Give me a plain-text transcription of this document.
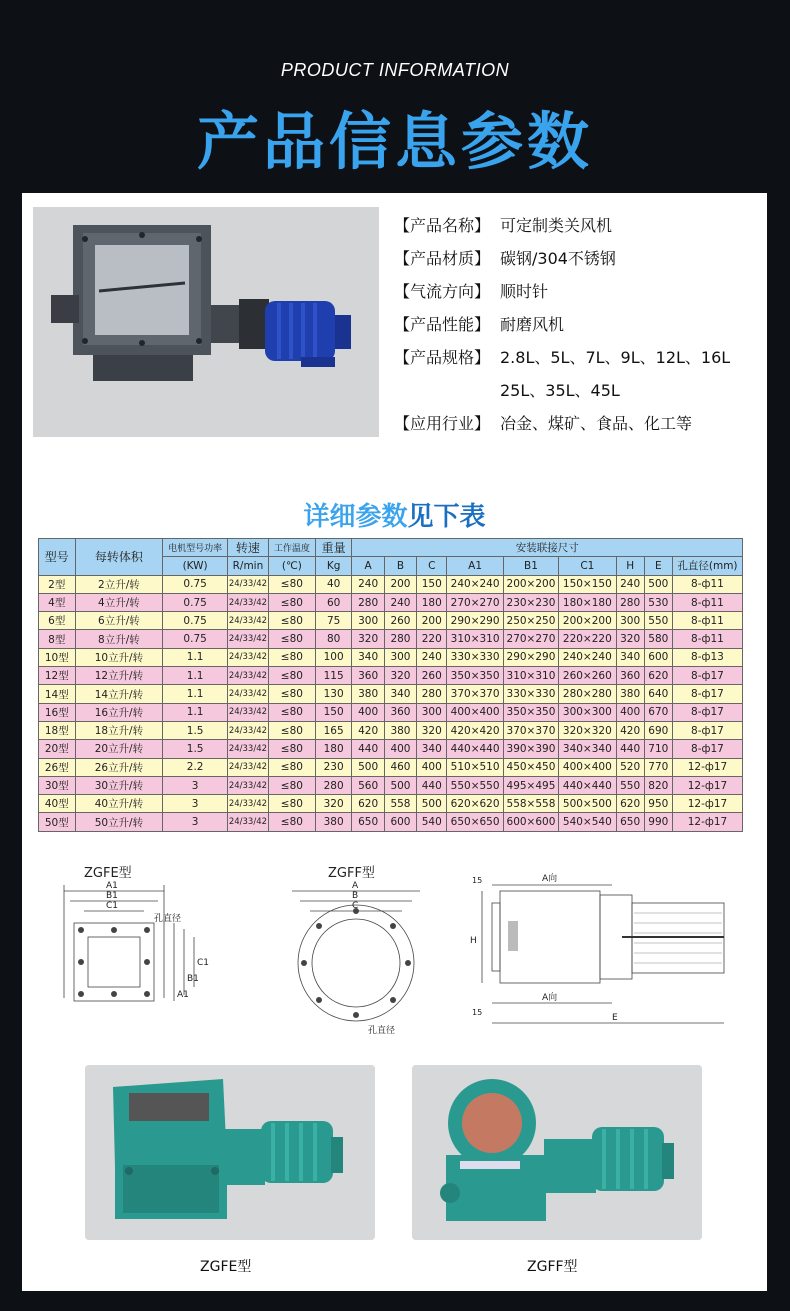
PRODUCT INFORMATION
产品信息参数
【产品名称】 可定制类关风机
【产品材质】 碳钢/304不锈钢
【气流方向】 顺时针
【产品性能】 耐磨风机
【产品规格】 2.8L、5L、7L、9L、12L、16L
25L、35L、45L
【应用行业】 冶金、煤矿、食品、化工等
详细参数见下表
型号	每转体积	电机型号功率	转速	工作温度	重量	安装联接尺寸								
		(KW)	R/min	(℃)	Kg	A	B	C	A1	B1	C1	H	E	孔直径(mm)
2型	2立升/转	0.75	24/33/42	≤80	40	240	200	150	240×240	200×200	150×150	240	500	8-ф11
4型	4立升/转	0.75	24/33/42	≤80	60	280	240	180	270×270	230×230	180×180	280	530	8-ф11
6型	6立升/转	0.75	24/33/42	≤80	75	300	260	200	290×290	250×250	200×200	300	550	8-ф11
8型	8立升/转	0.75	24/33/42	≤80	80	320	280	220	310×310	270×270	220×220	320	580	8-ф11
10型	10立升/转	1.1	24/33/42	≤80	100	340	300	240	330×330	290×290	240×240	340	600	8-ф13
12型	12立升/转	1.1	24/33/42	≤80	115	360	320	260	350×350	310×310	260×260	360	620	8-ф17
14型	14立升/转	1.1	24/33/42	≤80	130	380	340	280	370×370	330×330	280×280	380	640	8-ф17
16型	16立升/转	1.1	24/33/42	≤80	150	400	360	300	400×400	350×350	300×300	400	670	8-ф17
18型	18立升/转	1.5	24/33/42	≤80	165	420	380	320	420×420	370×370	320×320	420	690	8-ф17
20型	20立升/转	1.5	24/33/42	≤80	180	440	400	340	440×440	390×390	340×340	440	710	8-ф17
26型	26立升/转	2.2	24/33/42	≤80	230	500	460	400	510×510	450×450	400×400	520	770	12-ф17
30型	30立升/转	3	24/33/42	≤80	280	560	500	440	550×550	495×495	440×440	550	820	12-ф17
40型	40立升/转	3	24/33/42	≤80	320	620	558	500	620×620	558×558	500×500	620	950	12-ф17
50型	50立升/转	3	24/33/42	≤80	380	650	600	540	650×650	600×600	540×540	650	990	12-ф17
ZGFE型
A1
B1
C1
孔直径
C1
B1
A1
ZGFF型
A
B
C
孔直径
15	A向
H
15
A向
E
ZGFE型	ZGFF型
